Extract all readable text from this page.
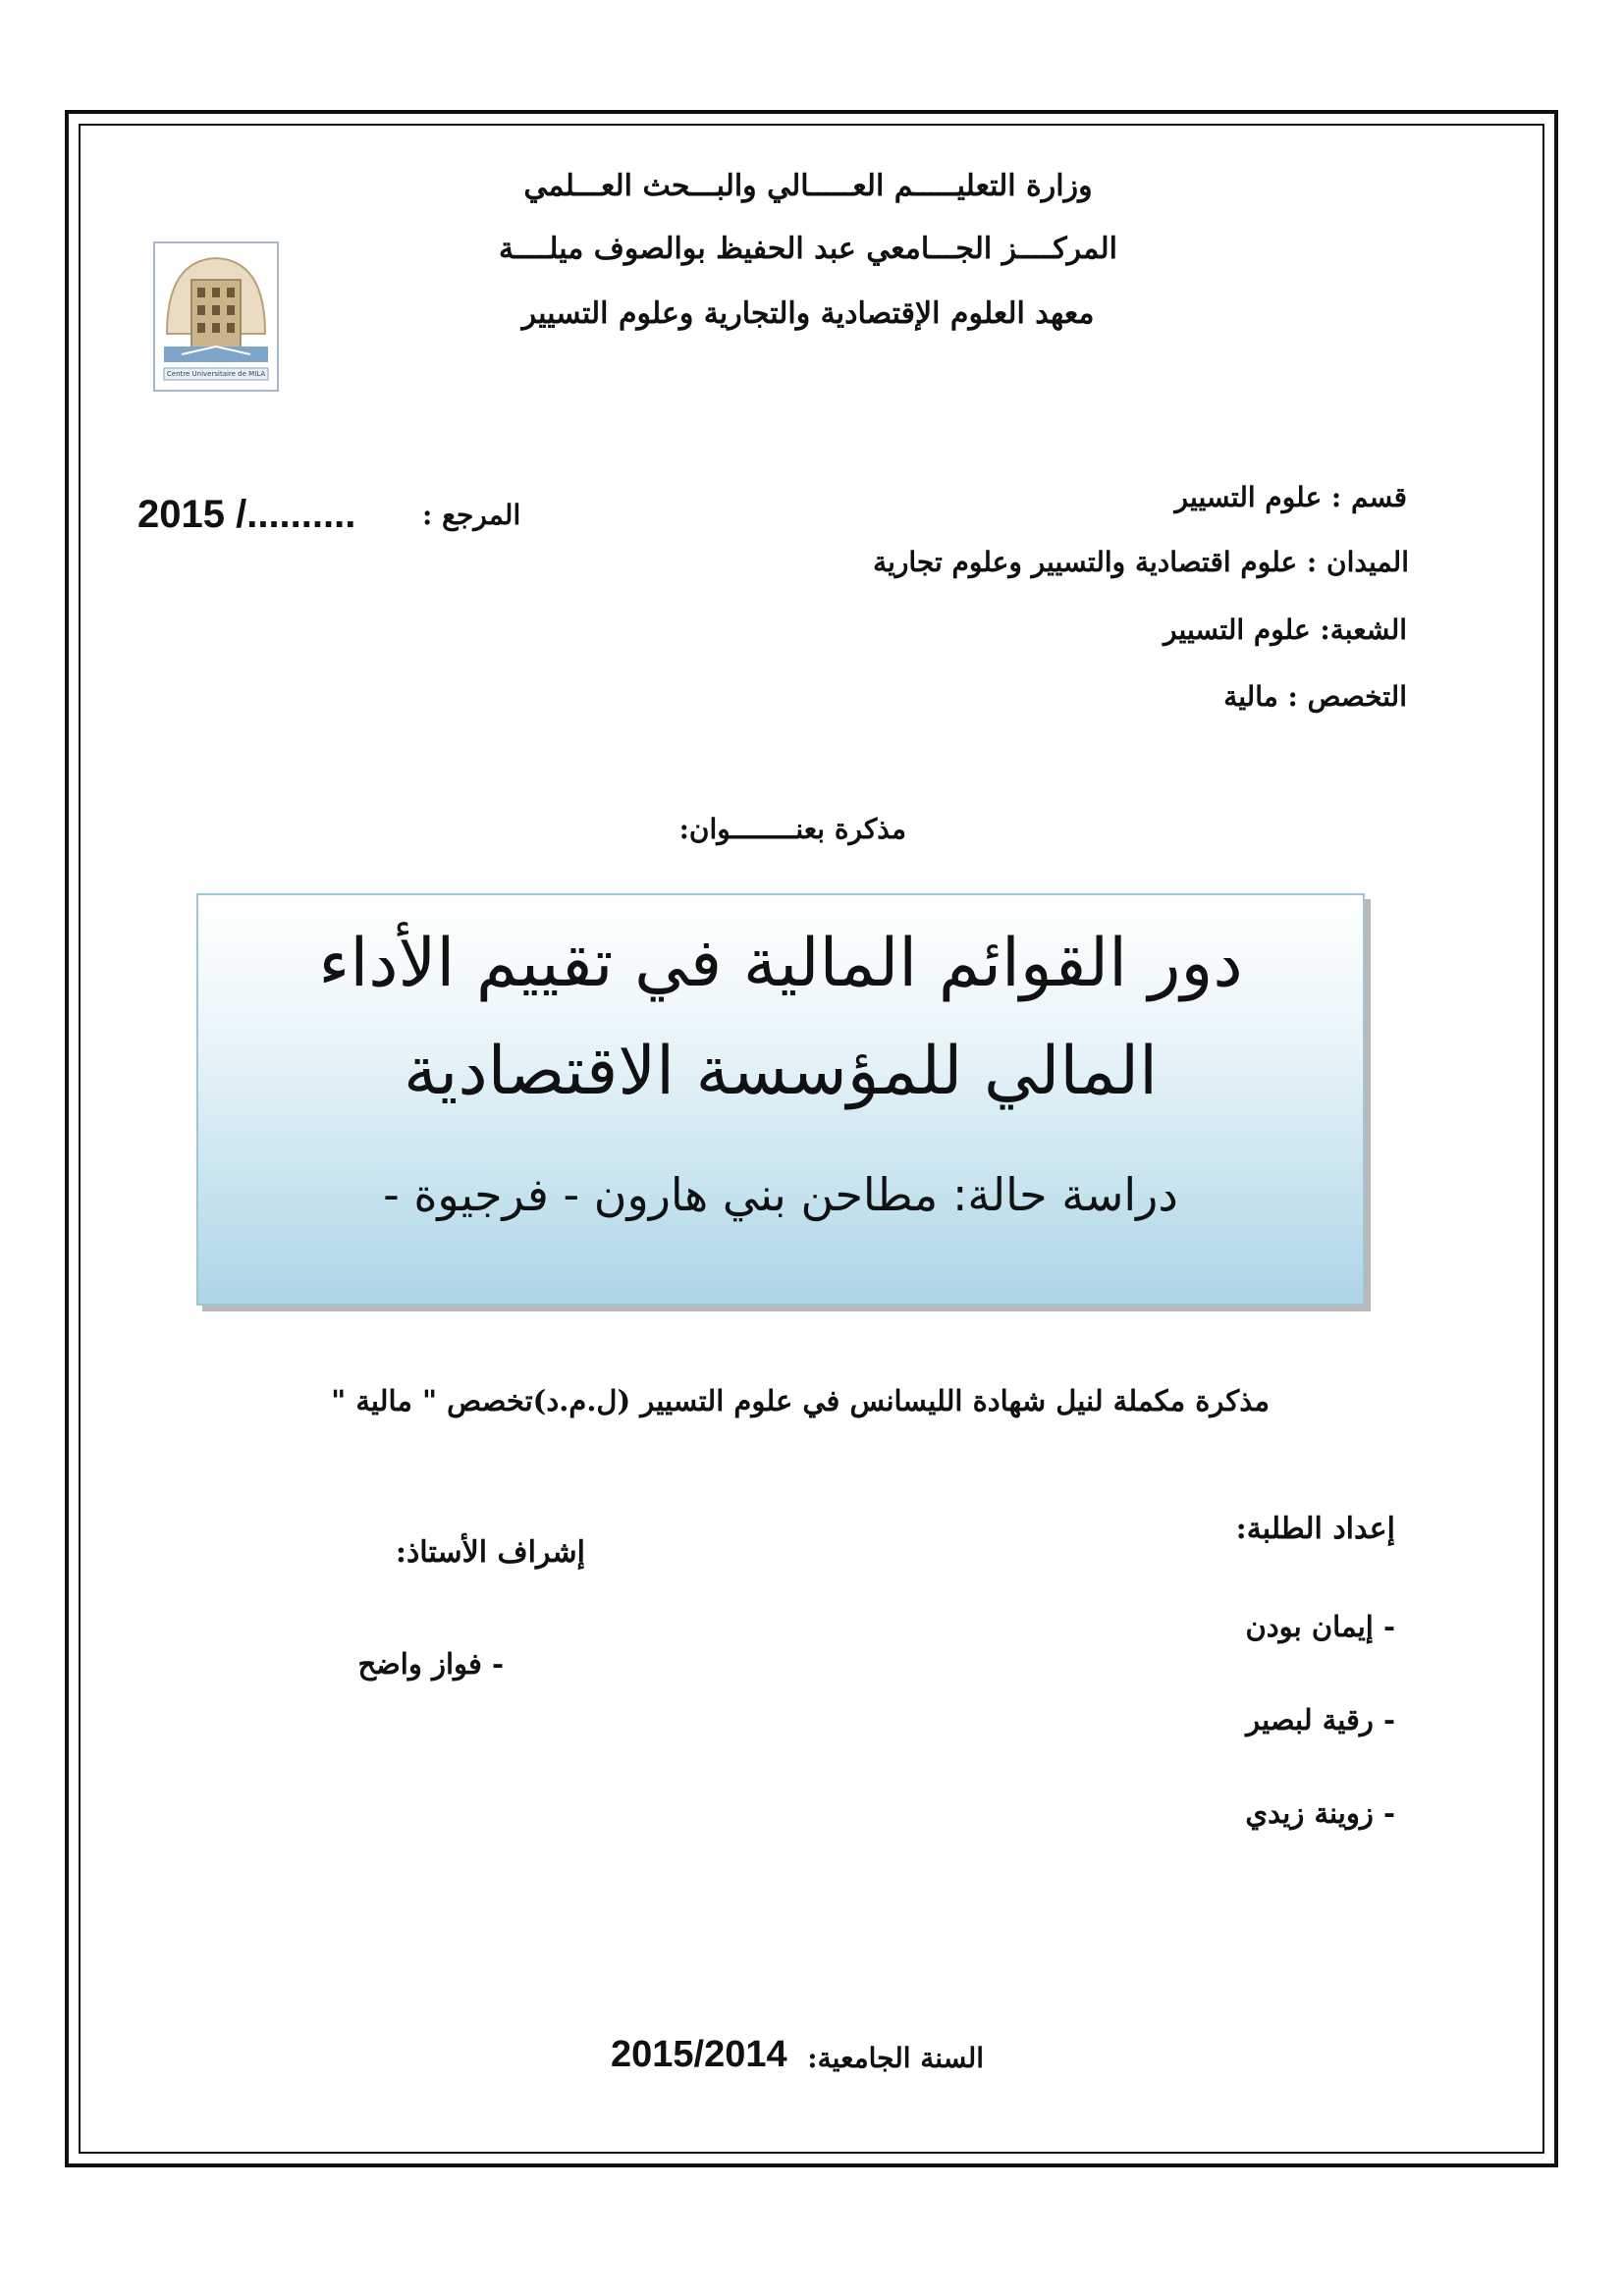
Centre Universitaire de MILA
وزارة التعليـــــم العـــــالي والبـــحث العـــلمي
المركــــز الجـــامعي عبد الحفيظ بوالصوف ميلــــة
معهد العلوم الإقتصادية والتجارية وعلوم التسيير
قسم : علوم التسيير
الميدان : علوم اقتصادية والتسيير وعلوم تجارية
الشعبة: علوم التسيير
التخصص : مالية
المرجع :
2015 /..........
مذكرة بعنــــــــوان:
دور القوائم المالية في تقييم الأداء
المالي للمؤسسة الاقتصادية
دراسة حالة: مطاحن بني هارون - فرجيوة -
مذكرة مكملة لنيل شهادة الليسانس في علوم التسيير (ل.م.د)تخصص " مالية "
إعداد الطلبة:
- إيمان بودن
- رقية لبصير
- زوينة زيدي
إشراف الأستاذ:
- فواز واضح
السنة الجامعية:
2015/2014
